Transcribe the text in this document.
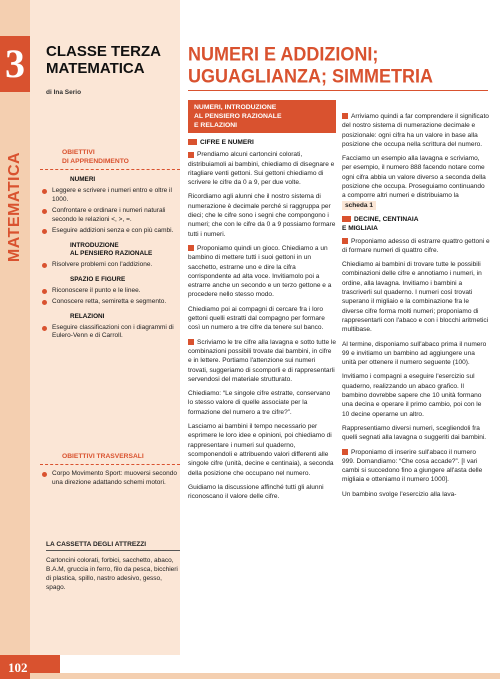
3
MATEMATICA
102
CLASSE TERZA
MATEMATICA
di Ina Serio
OBIETTIVI
DI APPRENDIMENTO
NUMERI
Leggere e scrivere i numeri entro e oltre il 1000.
Confrontare e ordinare i numeri naturali secondo le relazioni <, >, =.
Eseguire addizioni senza e con più cambi.
INTRODUZIONE
AL PENSIERO RAZIONALE
Risolvere problemi con l'addizione.
SPAZIO E FIGURE
Riconoscere il punto e le linee.
Conoscere retta, semiretta e segmento.
RELAZIONI
Eseguire classificazioni con i diagrammi di Eulero-Venn e di Carroll.
OBIETTIVI TRASVERSALI
Corpo Movimento Sport: muoversi secondo una direzione adattando schemi motori.
LA CASSETTA DEGLI ATTREZZI
Cartoncini colorati, forbici, sacchetto, abaco, B.A.M, gruccia in ferro, filo da pesca, bicchieri di plastica, spillo, nastro adesivo, gesso, spago.
NUMERI E ADDIZIONI;
UGUAGLIANZA; SIMMETRIA
NUMERI, INTRODUZIONE
AL PENSIERO RAZIONALE
E RELAZIONI
CIFRE E NUMERI
Prendiamo alcuni cartoncini colorati, distribuiamoli ai bambini, chiediamo di disegnare e ritagliare venti gettoni. Sui gettoni chiediamo di scrivere le cifre da 0 a 9, per due volte.
Ricordiamo agli alunni che il nostro sistema di numerazione è decimale perché si raggruppa per dieci; che le cifre sono i segni che compongono i numeri; che con le cifre da 0 a 9 possiamo formare tutti i numeri.
Proponiamo quindi un gioco. Chiediamo a un bambino di mettere tutti i suoi gettoni in un sacchetto, estrarne uno e dire la cifra corrispondente ad alta voce. Invitiamolo poi a estrarre anche un secondo e un terzo gettone e a procedere nello stesso modo.
Chiediamo poi ai compagni di cercare fra i loro gettoni quelli estratti dal compagno per formare così un numero a tre cifre da tenere sul banco.
Scriviamo le tre cifre alla lavagna e sotto tutte le combinazioni possibili trovate dai bambini, in cifre e in lettere. Portiamo l'attenzione sui numeri trovati, suggeriamo di scomporli e di rappresentarli servendosi del materiale strutturato.
Chiediamo: “Le singole cifre estratte, conservano lo stesso valore di quelle associate per la formazione del numero a tre cifre?”.
Lasciamo ai bambini il tempo necessario per esprimere le loro idee e opinioni, poi chiediamo di rappresentare i numeri sul quaderno, scomponendoli e attribuendo valori differenti alle singole cifre (unità, decine e centinaia), a seconda della posizione che occupano nel numero.
Guidiamo la discussione affinché tutti gli alunni riconoscano il valore delle cifre.
Arriviamo quindi a far comprendere il significato del nostro sistema di numerazione decimale e posizionale: ogni cifra ha un valore in base alla posizione che occupa nella scrittura del numero.
Facciamo un esempio alla lavagna e scriviamo, per esempio, il numero 888 facendo notare come ogni cifra abbia un valore diverso a seconda della posizione che occupa. Proseguiamo continuando a comporre altri numeri e distribuiamo la scheda 1
DECINE, CENTINAIA
E MIGLIAIA
Proponiamo adesso di estrarre quattro gettoni e di formare numeri di quattro cifre.
Chiediamo ai bambini di trovare tutte le possibili combinazioni delle cifre e annotiamo i numeri, in ordine, alla lavagna. Invitiamo i bambini a trascriverli sul quaderno. I numeri così trovati superano il migliaio e la combinazione fra le diverse cifre forma molti numeri; proponiamo di rappresentarli con l'abaco e con i blocchi aritmetici multibase.
Al termine, disponiamo sull'abaco prima il numero 99 e invitiamo un bambino ad aggiungere una unità per ottenere il numero seguente (100).
Invitiamo i compagni a eseguire l'esercizio sul quaderno, realizzando un abaco grafico. Il bambino dovrebbe sapere che 10 unità formano una decina e operare il primo cambio, poi con le 10 decine operarne un altro.
Rappresentiamo diversi numeri, scegliendoli fra quelli segnati alla lavagna o suggeriti dai bambini.
Proponiamo di inserire sull'abaco il numero 999. Domandiamo: “Che cosa accade?”. [I vari cambi si succedono fino a giungere all'asta delle migliaia e otteniamo il numero 1000].
Un bambino svolge l'esercizio alla lava-
